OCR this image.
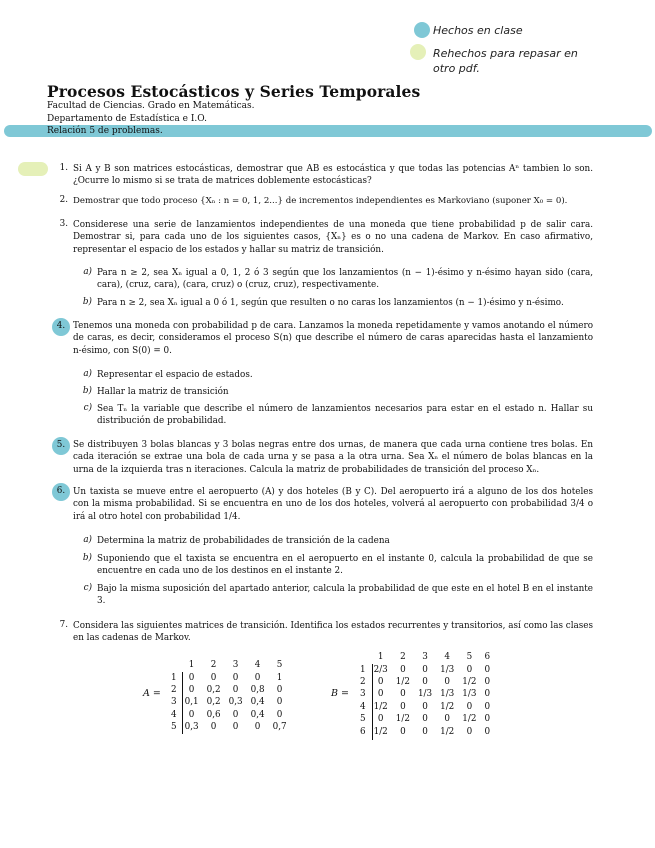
Hechos en clase
Rehechos para repasar en otro pdf.
Procesos Estocásticos y Series Temporales
Facultad de Ciencias. Grado en Matemáticas.
Departamento de Estadística e I.O.
Relación 5 de problemas.
1. Si A y B son matrices estocásticas, demostrar que AB es estocástica y que todas las potencias Aⁿ tambien lo son. ¿Ocurre lo mismo si se trata de matrices doblemente estocásticas?
2. Demostrar que todo proceso {Xₙ : n = 0, 1, 2...} de incrementos independientes es Markoviano (suponer X₀ = 0).
3. Considerese una serie de lanzamientos independientes de una moneda que tiene probabilidad p de salir cara. Demostrar si, para cada uno de los siguientes casos, {Xₙ} es o no una cadena de Markov. En caso afirmativo, representar el espacio de los estados y hallar su matriz de transición.
a) Para n ≥ 2, sea Xₙ igual a 0, 1, 2 ó 3 según que los lanzamientos (n − 1)-ésimo y n-ésimo hayan sido (cara, cara), (cruz, cara), (cara, cruz) o (cruz, cruz), respectivamente.
b) Para n ≥ 2, sea Xₙ igual a 0 ó 1, según que resulten o no caras los lanzamientos (n − 1)-ésimo y n-ésimo.
4. Tenemos una moneda con probabilidad p de cara. Lanzamos la moneda repetidamente y vamos anotando el número de caras, es decir, consideramos el proceso S(n) que describe el número de caras aparecidas hasta el lanzamiento n-ésimo, con S(0) = 0.
a) Representar el espacio de estados.
b) Hallar la matriz de transición
c) Sea Tₙ la variable que describe el número de lanzamientos necesarios para estar en el estado n. Hallar su distribución de probabilidad.
5. Se distribuyen 3 bolas blancas y 3 bolas negras entre dos urnas, de manera que cada urna contiene tres bolas. En cada iteración se extrae una bola de cada urna y se pasa a la otra urna. Sea Xₙ el número de bolas blancas en la urna de la izquierda tras n iteraciones. Calcula la matriz de probabilidades de transición del proceso Xₙ.
6. Un taxista se mueve entre el aeropuerto (A) y dos hoteles (B y C). Del aeropuerto irá a alguno de los dos hoteles con la misma probabilidad. Si se encuentra en uno de los dos hoteles, volverá al aeropuerto con probabilidad 3/4 o irá al otro hotel con probabilidad 1/4.
a) Determina la matriz de probabilidades de transición de la cadena
b) Suponiendo que el taxista se encuentra en el aeropuerto en el instante 0, calcula la probabilidad de que se encuentre en cada uno de los destinos en el instante 2.
c) Bajo la misma suposición del apartado anterior, calcula la probabilidad de que este en el hotel B en el instante 3.
7. Considera las siguientes matrices de transición. Identifica los estados recurrentes y transitorios, así como las clases en las cadenas de Markov.
A =
	1	2	3	4	5
1	0	0	0	0	1
2	0	0,2	0	0,8	0
3	0,1	0,2	0,3	0,4	0
4	0	0,6	0	0,4	0
5	0,3	0	0	0	0,7
B =
	1	2	3	4	5	6
1	2/3	0	0	1/3	0	0
2	0	1/2	0	0	1/2	0
3	0	0	1/3	1/3	1/3	0
4	1/2	0	0	1/2	0	0
5	0	1/2	0	0	1/2	0
6	1/2	0	0	1/2	0	0
